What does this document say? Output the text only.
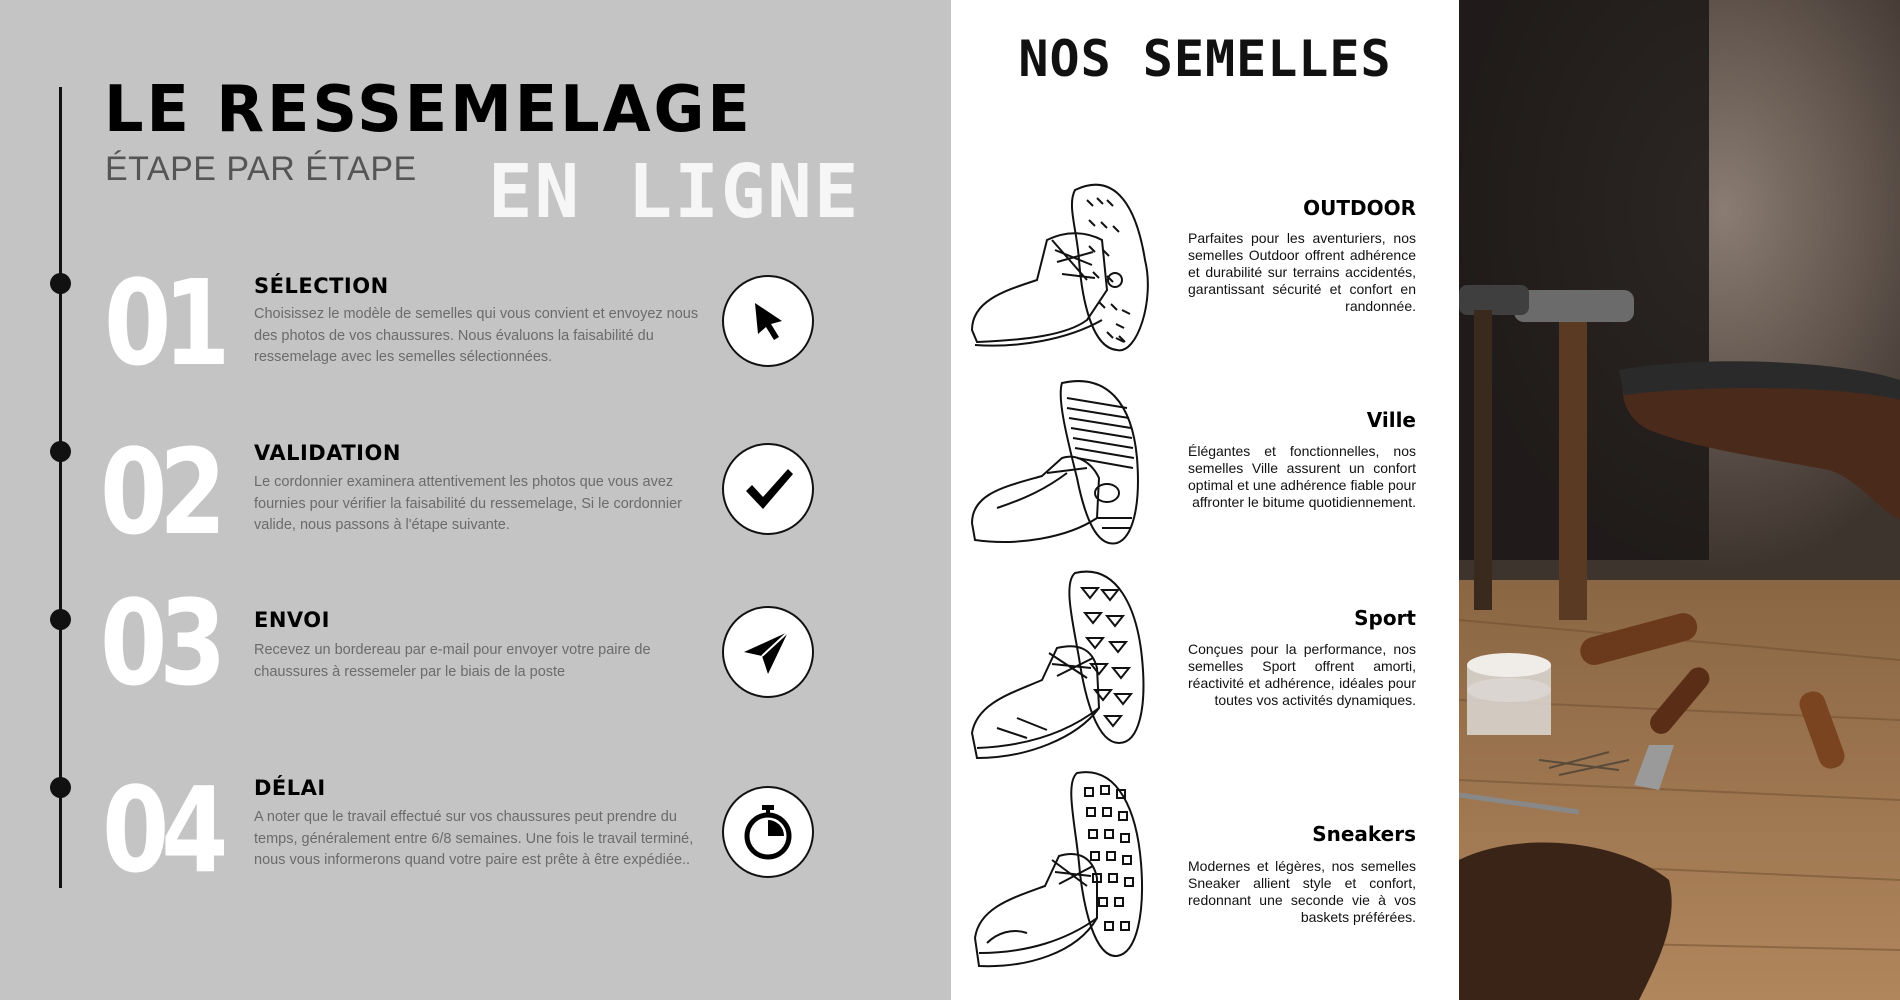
LE RESSEMELAGE
ÉTAPE PAR ÉTAPE EN LIGNE
01 SÉLECTION
Choisissez le modèle de semelles qui vous convient et envoyez nous des photos de vos chaussures. Nous évaluons la faisabilité du ressemelage avec les semelles sélectionnées.
02 VALIDATION
Le cordonnier examinera attentivement les photos que vous avez fournies pour vérifier la faisabilité du ressemelage, Si le cordonnier valide, nous passons à l'étape suivante.
03 ENVOI
Recevez un bordereau par e-mail pour envoyer votre paire de chaussures à ressemeler par le biais de la poste
04 DÉLAI
A noter que le travail effectué sur vos chaussures peut prendre du temps, généralement entre 6/8 semaines. Une fois le travail terminé, nous vous informerons quand votre paire est prête à être expédiée..
NOS SEMELLES
OUTDOOR
Parfaites pour les aventuriers, nos semelles Outdoor offrent adhérence et durabilité sur terrains accidentés, garantissant sécurité et confort en randonnée.
Ville
Élégantes et fonctionnelles, nos semelles Ville assurent un confort optimal et une adhérence fiable pour affronter le bitume quotidiennement.
Sport
Conçues pour la performance, nos semelles Sport offrent amorti, réactivité et adhérence, idéales pour toutes vos activités dynamiques.
Sneakers
Modernes et légères, nos semelles Sneaker allient style et confort, redonnant une seconde vie à vos baskets préférées.
